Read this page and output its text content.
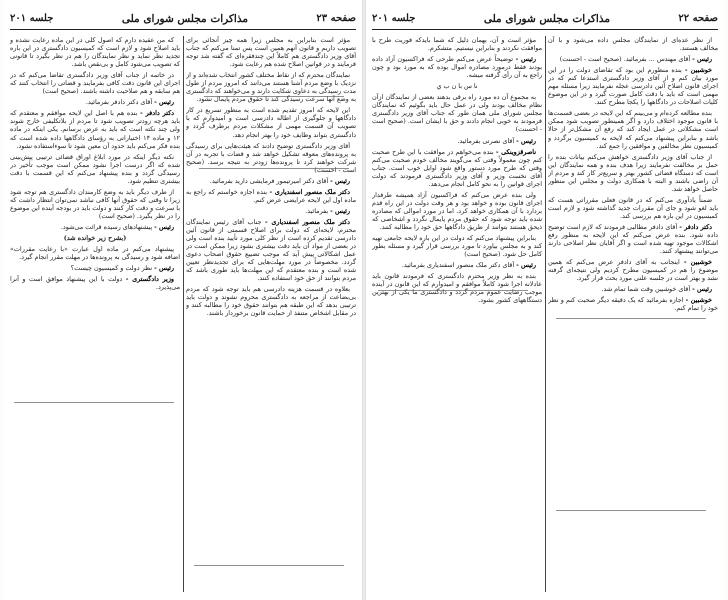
صفحه ۲۳
مذاکرات مجلس شورای ملی
جلسه ۲۰۱

مؤثر است بنابراین به مجلس زیرا همه چیز آنجائی برای تصویب داریم و قانون آنهم همین است پس تمنا می‌کنم که جناب آقای وزیر دادگستری هم کاملاً این چندفقره‌ای که گفته شد توجه فرمایند و در قوانین اصلاح شده هم رعایت شود.

نمایندگان محترم که از نقاط مختلف کشور انتخاب شده‌اند و از نزدیک با وضع مردم آشنا هستند می‌دانند که امروز مردم از طول مدت رسیدگی به دعاوی شکایت دارند و می‌خواهند که دادگستری به وضع آنها سرعت رسیدگی کند تا حقوق مردم پایمال نشود.

این لایحه که امروز تقدیم شده است به منظور تسریع در کار دادگاهها و جلوگیری از اطاله دادرسی است و امیدوارم که با تصویب آن قسمت مهمی از مشکلات مردم برطرف گردد و دادگستری بتواند وظایف خود را بهتر انجام دهد.

آقای وزیر دادگستری توضیح دادند که هیئت‌هایی برای رسیدگی به پرونده‌های معوقه تشکیل خواهد شد و قضات با تجربه در آن شرکت خواهند کرد تا پرونده‌ها زودتر به نتیجه برسد. (صحیح است - احسنت)

رئیس - آقای دکتر امیرتیمور فرمایشی دارید بفرمائید.

دکتر ملک منصور اسفندیاری - بنده اجازه خواستم که راجع به ماده اول این لایحه عرایضی عرض کنم.

رئیس - بفرمائید.

دکتر ملک منصور اسفندیاری - جناب آقای رئیس نمایندگان محترم، لایحه‌ای که دولت برای اصلاح قسمتی از قانون آئین دادرسی تقدیم کرده است از نظر کلی مورد تأیید بنده است ولی در بعضی از مواد آن باید دقت بیشتری بشود زیرا ممکن است در عمل اشکالاتی پیش آید که موجب تضییع حقوق اصحاب دعوی گردد. مخصوصاً در مورد مهلت‌هایی که برای تجدیدنظر تعیین شده است و بنده معتقدم که این مهلت‌ها باید طوری باشد که مردم بتوانند از حق خود استفاده کنند.

بعلاوه در قسمت هزینه دادرسی هم باید توجه شود که مردم بی‌بضاعت از مراجعه به دادگستری محروم نشوند و دولت باید ترتیبی بدهد که این طبقه هم بتوانند حقوق خود را مطالبه کنند و در مقابل اشخاص متنفذ از حمایت قانون برخوردار باشند.

که من عقیده دارم که اصول کلی در این ماده رعایت نشده و باید اصلاح شود و لازم است که کمیسیون دادگستری در این باره تجدید نظر نماید و نظر نمایندگان را هم در نظر بگیرد تا قانونی که تصویب می‌شود کامل و بی‌نقص باشد.

در خاتمه از جناب آقای وزیر دادگستری تقاضا می‌کنم که در اجرای این قانون دقت کافی بفرمایند و قضاتی را انتخاب کنند که هم سابقه و هم صلاحیت داشته باشند. (صحیح است)

رئیس - آقای دکتر دادفر بفرمائید.

دکتر دادفر - بنده هم با اصل این لایحه موافقم و معتقدم که باید هرچه زودتر تصویب شود تا مردم از بلاتکلیفی خارج شوند ولی چند نکته است که باید به عرض برسانم. یکی اینکه در ماده ۱۲ و ماده ۱۴ اختیاراتی به رؤسای دادگاهها داده شده است که بنده فکر می‌کنم باید حدود آن معین شود تا سوءاستفاده نشود.

نکته دیگر اینکه در مورد ابلاغ اوراق قضائی ترتیبی پیش‌بینی شده که اگر درست اجرا نشود ممکن است موجب تأخیر در رسیدگی گردد و بنده پیشنهاد می‌کنم که این قسمت با دقت بیشتری تنظیم شود.

از طرف دیگر باید به وضع کارمندان دادگستری هم توجه شود زیرا تا وقتی که حقوق آنها کافی نباشد نمی‌توان انتظار داشت که با سرعت و دقت کار کنند و دولت باید در بودجه آینده این موضوع را در نظر بگیرد. (صحیح است)

رئیس - پیشنهادهای رسیده قرائت می‌شود.

(بشرح زیر خوانده شد)

پیشنهاد می‌کنم در ماده اول عبارت «با رعایت مقررات» اضافه شود و رسیدگی به پرونده‌ها در مهلت مقرر انجام گیرد.

رئیس - نظر دولت و کمیسیون چیست؟

وزیر دادگستری - دولت با این پیشنهاد موافق است و آنرا می‌پذیرد.

صفحه ۲۲
مذاکرات مجلس شورای ملی
جلسه ۲۰۱

از نظر عده‌ای از نمایندگان مجلس داده می‌شود و با آن مخالف هستند.

رئیس - آقای مهندس ... بفرمائید. (صحیح است - احسنت)

خوشبین - بنده منظورم این بود که تقاضای دولت را در این مورد بیان کنم و از آقای وزیر دادگستری استدعا کنم که در اجرای قانون اصلاح آئین دادرسی عجله نفرمایند زیرا مسئله مهم مهمی است که باید با دقت کامل صورت گیرد و در این موضوع کلیات اصلاحات در دادگاهها را یکجا مطرح کنند.

بنده مطالعه کرده‌ام و می‌بینم که این لایحه در بعضی قسمت‌ها با قانون موجود اختلاف دارد و اگر همینطور تصویب شود ممکن است مشکلاتی در عمل ایجاد کند که رفع آن مشکل‌تر از حالا باشد و بنابراین پیشنهاد می‌کنم که لایحه به کمیسیون برگردد و کمیسیون نظر مخالفین و موافقین را جمع کند.

از جناب آقای وزیر دادگستری خواهش می‌کنم بیانات بنده را حمل بر مخالفت نفرمایند زیرا هدف بنده و همه نمایندگان این است که دستگاه قضائی کشور بهتر و سریع‌تر کار کند و مردم از آن راضی باشند و البته با همکاری دولت و مجلس این منظور حاصل خواهد شد.

ضمناً یادآوری می‌کنم که در قانون فعلی مقرراتی هست که باید لغو شود و جای آن مقررات جدید گذاشته شود و لازم است کمیسیون در این باره هم بررسی کند.

دکتر دادفر - آقای دادفر مطالبی فرمودند که لازم است توضیح داده شود. بنده عرض می‌کنم که این لایحه به منظور رفع اشکالات موجود تهیه شده است و اگر آقایان نظر اصلاحی دارند می‌توانند پیشنهاد کنند.

خوشبین - اینجانب به آقای دادفر عرض می‌کنم که همین موضوع را هم در کمیسیون مطرح کردیم ولی نتیجه‌ای گرفته نشد و بهتر است در جلسه علنی مورد بحث قرار گیرد.

رئیس - آقای خوشبین وقت شما تمام شد.

خوشبین - اجازه بفرمائید که یک دقیقه دیگر صحبت کنم و نظر خود را تمام کنم.

مؤثر است و آن، بهمان دلیل که شما بایدکه فوریت طرح با موافقت نکردند و بنابراین نیستیم. متشکرم.

رئیس - توضیحاً عرض می‌کنم طرحی که فراکسیون آزاد داده بودند فقط درمورد مصادره اموال بوده که به مورد بود و چون راجع به آن رأی گرفته میشه.

نا س با ن ب ي

به مجموع آن ده مورد راه برقی بدهند بعضی از نمایندگان ازآن نظام مخالف بودند ولی در عمل حال باید بگوئیم که نمایندگان مجلس شورای ملی همان طور که جناب آقای وزیر دادگستری فرمودند به خوبی انجام دادند و حق با ایشان است. (صحیح است - احسنت)

رئیس - آقای نصرتی بفرمائید.

ناصرقزوینکی - بنده می‌خواهم در موافقت با این طرح صحبت کنم چون معمولاً وقتی که می‌گویند مخالف خودم صحبت می‌کنم وقتی که طرح مورد دستور واقع شود اوایل خوب است. جناب آقای نخست وزیر و آقای وزیر دادگستری فرمودند که دولت اجرای قوانین را به نحو کامل انجام می‌دهد.

ولی بنده عرض می‌کنم که فراکسیون آزاد همیشه طرفدار اجرای قانون بوده و خواهد بود و هر وقت دولت در این راه قدم بردارد با آن همکاری خواهد کرد. اما در مورد اموالی که مصادره شده باید توجه شود که حقوق مردم پایمال نگردد و اشخاصی که ذیحق هستند بتوانند از طریق دادگاهها حق خود را مطالبه کنند.

بنابراین پیشنهاد می‌کنم که دولت در این باره لایحه جامعی تهیه کند و به مجلس بیاورد تا مورد بررسی قرار گیرد و مسئله بطور کامل حل شود. (صحیح است)

رئیس - آقای دکتر ملک منصور اسفندیاری بفرمائید.

بنده به نظر وزیر محترم دادگستری که فرمودند قانون باید عادلانه اجرا شود کاملاً موافقم و امیدوارم که این قانون در آینده موجب رضایت عموم مردم گردد و دادگستری ما یکی از بهترین دستگاههای کشور بشود.
